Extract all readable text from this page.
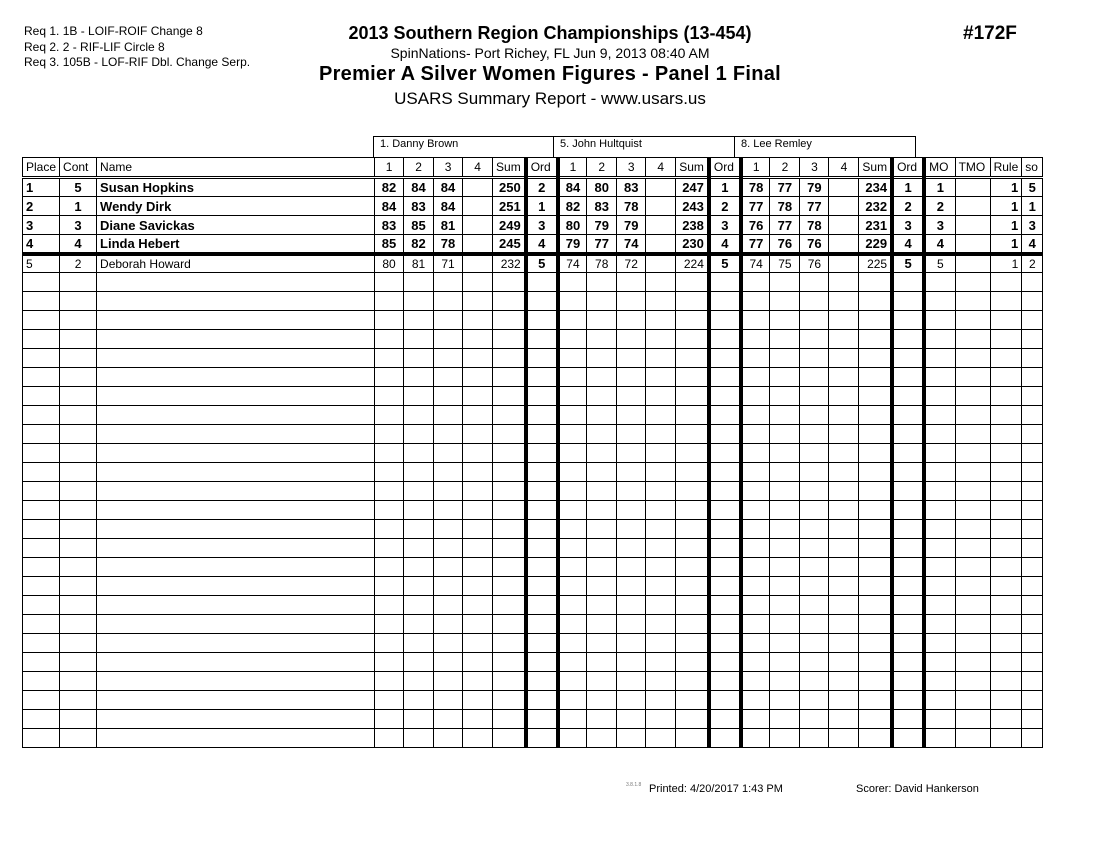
Req 1. 1B - LOIF-ROIF Change 8
Req 2. 2 - RIF-LIF Circle 8
Req 3. 105B - LOF-RIF Dbl. Change Serp.
2013 Southern Region Championships (13-454)
SpinNations- Port Richey, FL Jun 9, 2013 08:40 AM
Premier A Silver Women Figures - Panel 1 Final
USARS Summary Report - www.usars.us
#172F
1. Danny Brown	5. John Hultquist	8. Lee Remley
Place	Cont	Name	1	2	3	4	Sum	Ord	1	2	3	4	Sum	Ord	1	2	3	4	Sum	Ord	MO	TMO	Rule	so
1	5	Susan Hopkins	82	84	84		250	2	84	80	83		247	1	78	77	79		234	1	1		1	5
2	1	Wendy Dirk	84	83	84		251	1	82	83	78		243	2	77	78	77		232	2	2		1	1
3	3	Diane Savickas	83	85	81		249	3	80	79	79		238	3	76	77	78		231	3	3		1	3
4	4	Linda Hebert	85	82	78		245	4	79	77	74		230	4	77	76	76		229	4	4		1	4
5	2	Deborah Howard	80	81	71		232	5	74	78	72		224	5	74	75	76		225	5	5		1	2

3.8.1.8 Printed: 4/20/2017 1:43 PM	Scorer: David Hankerson
